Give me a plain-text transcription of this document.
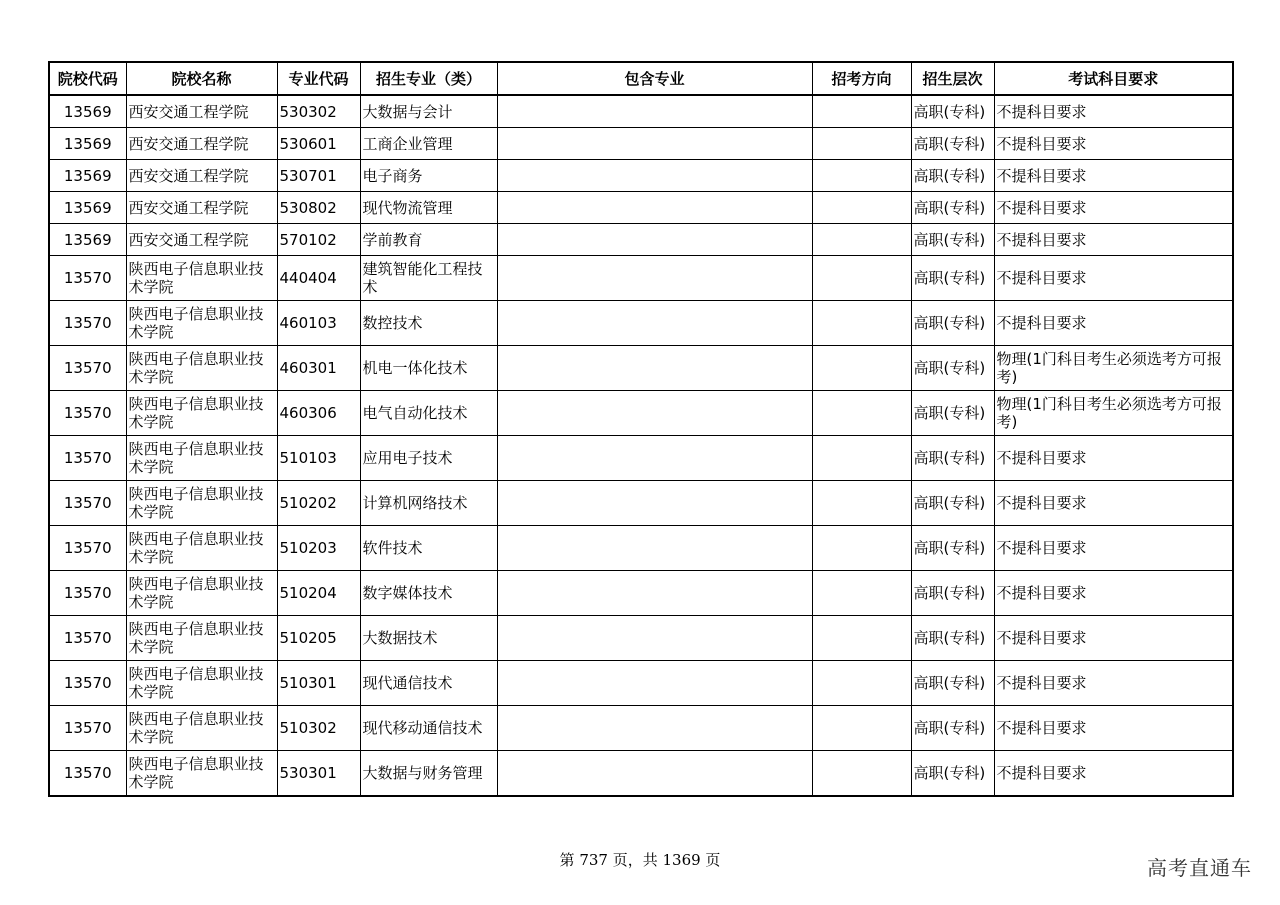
院校代码	院校名称	专业代码	招生专业（类）	包含专业	招考方向	招生层次	考试科目要求
13569	西安交通工程学院	530302	大数据与会计			高职(专科)	不提科目要求
13569	西安交通工程学院	530601	工商企业管理			高职(专科)	不提科目要求
13569	西安交通工程学院	530701	电子商务			高职(专科)	不提科目要求
13569	西安交通工程学院	530802	现代物流管理			高职(专科)	不提科目要求
13569	西安交通工程学院	570102	学前教育			高职(专科)	不提科目要求
13570	陕西电子信息职业技术学院	440404	建筑智能化工程技术			高职(专科)	不提科目要求
13570	陕西电子信息职业技术学院	460103	数控技术			高职(专科)	不提科目要求
13570	陕西电子信息职业技术学院	460301	机电一体化技术			高职(专科)	物理(1门科目考生必须选考方可报考)
13570	陕西电子信息职业技术学院	460306	电气自动化技术			高职(专科)	物理(1门科目考生必须选考方可报考)
13570	陕西电子信息职业技术学院	510103	应用电子技术			高职(专科)	不提科目要求
13570	陕西电子信息职业技术学院	510202	计算机网络技术			高职(专科)	不提科目要求
13570	陕西电子信息职业技术学院	510203	软件技术			高职(专科)	不提科目要求
13570	陕西电子信息职业技术学院	510204	数字媒体技术			高职(专科)	不提科目要求
13570	陕西电子信息职业技术学院	510205	大数据技术			高职(专科)	不提科目要求
13570	陕西电子信息职业技术学院	510301	现代通信技术			高职(专科)	不提科目要求
13570	陕西电子信息职业技术学院	510302	现代移动通信技术			高职(专科)	不提科目要求
13570	陕西电子信息职业技术学院	530301	大数据与财务管理			高职(专科)	不提科目要求
第 737 页，共 1369 页	高考直通车
